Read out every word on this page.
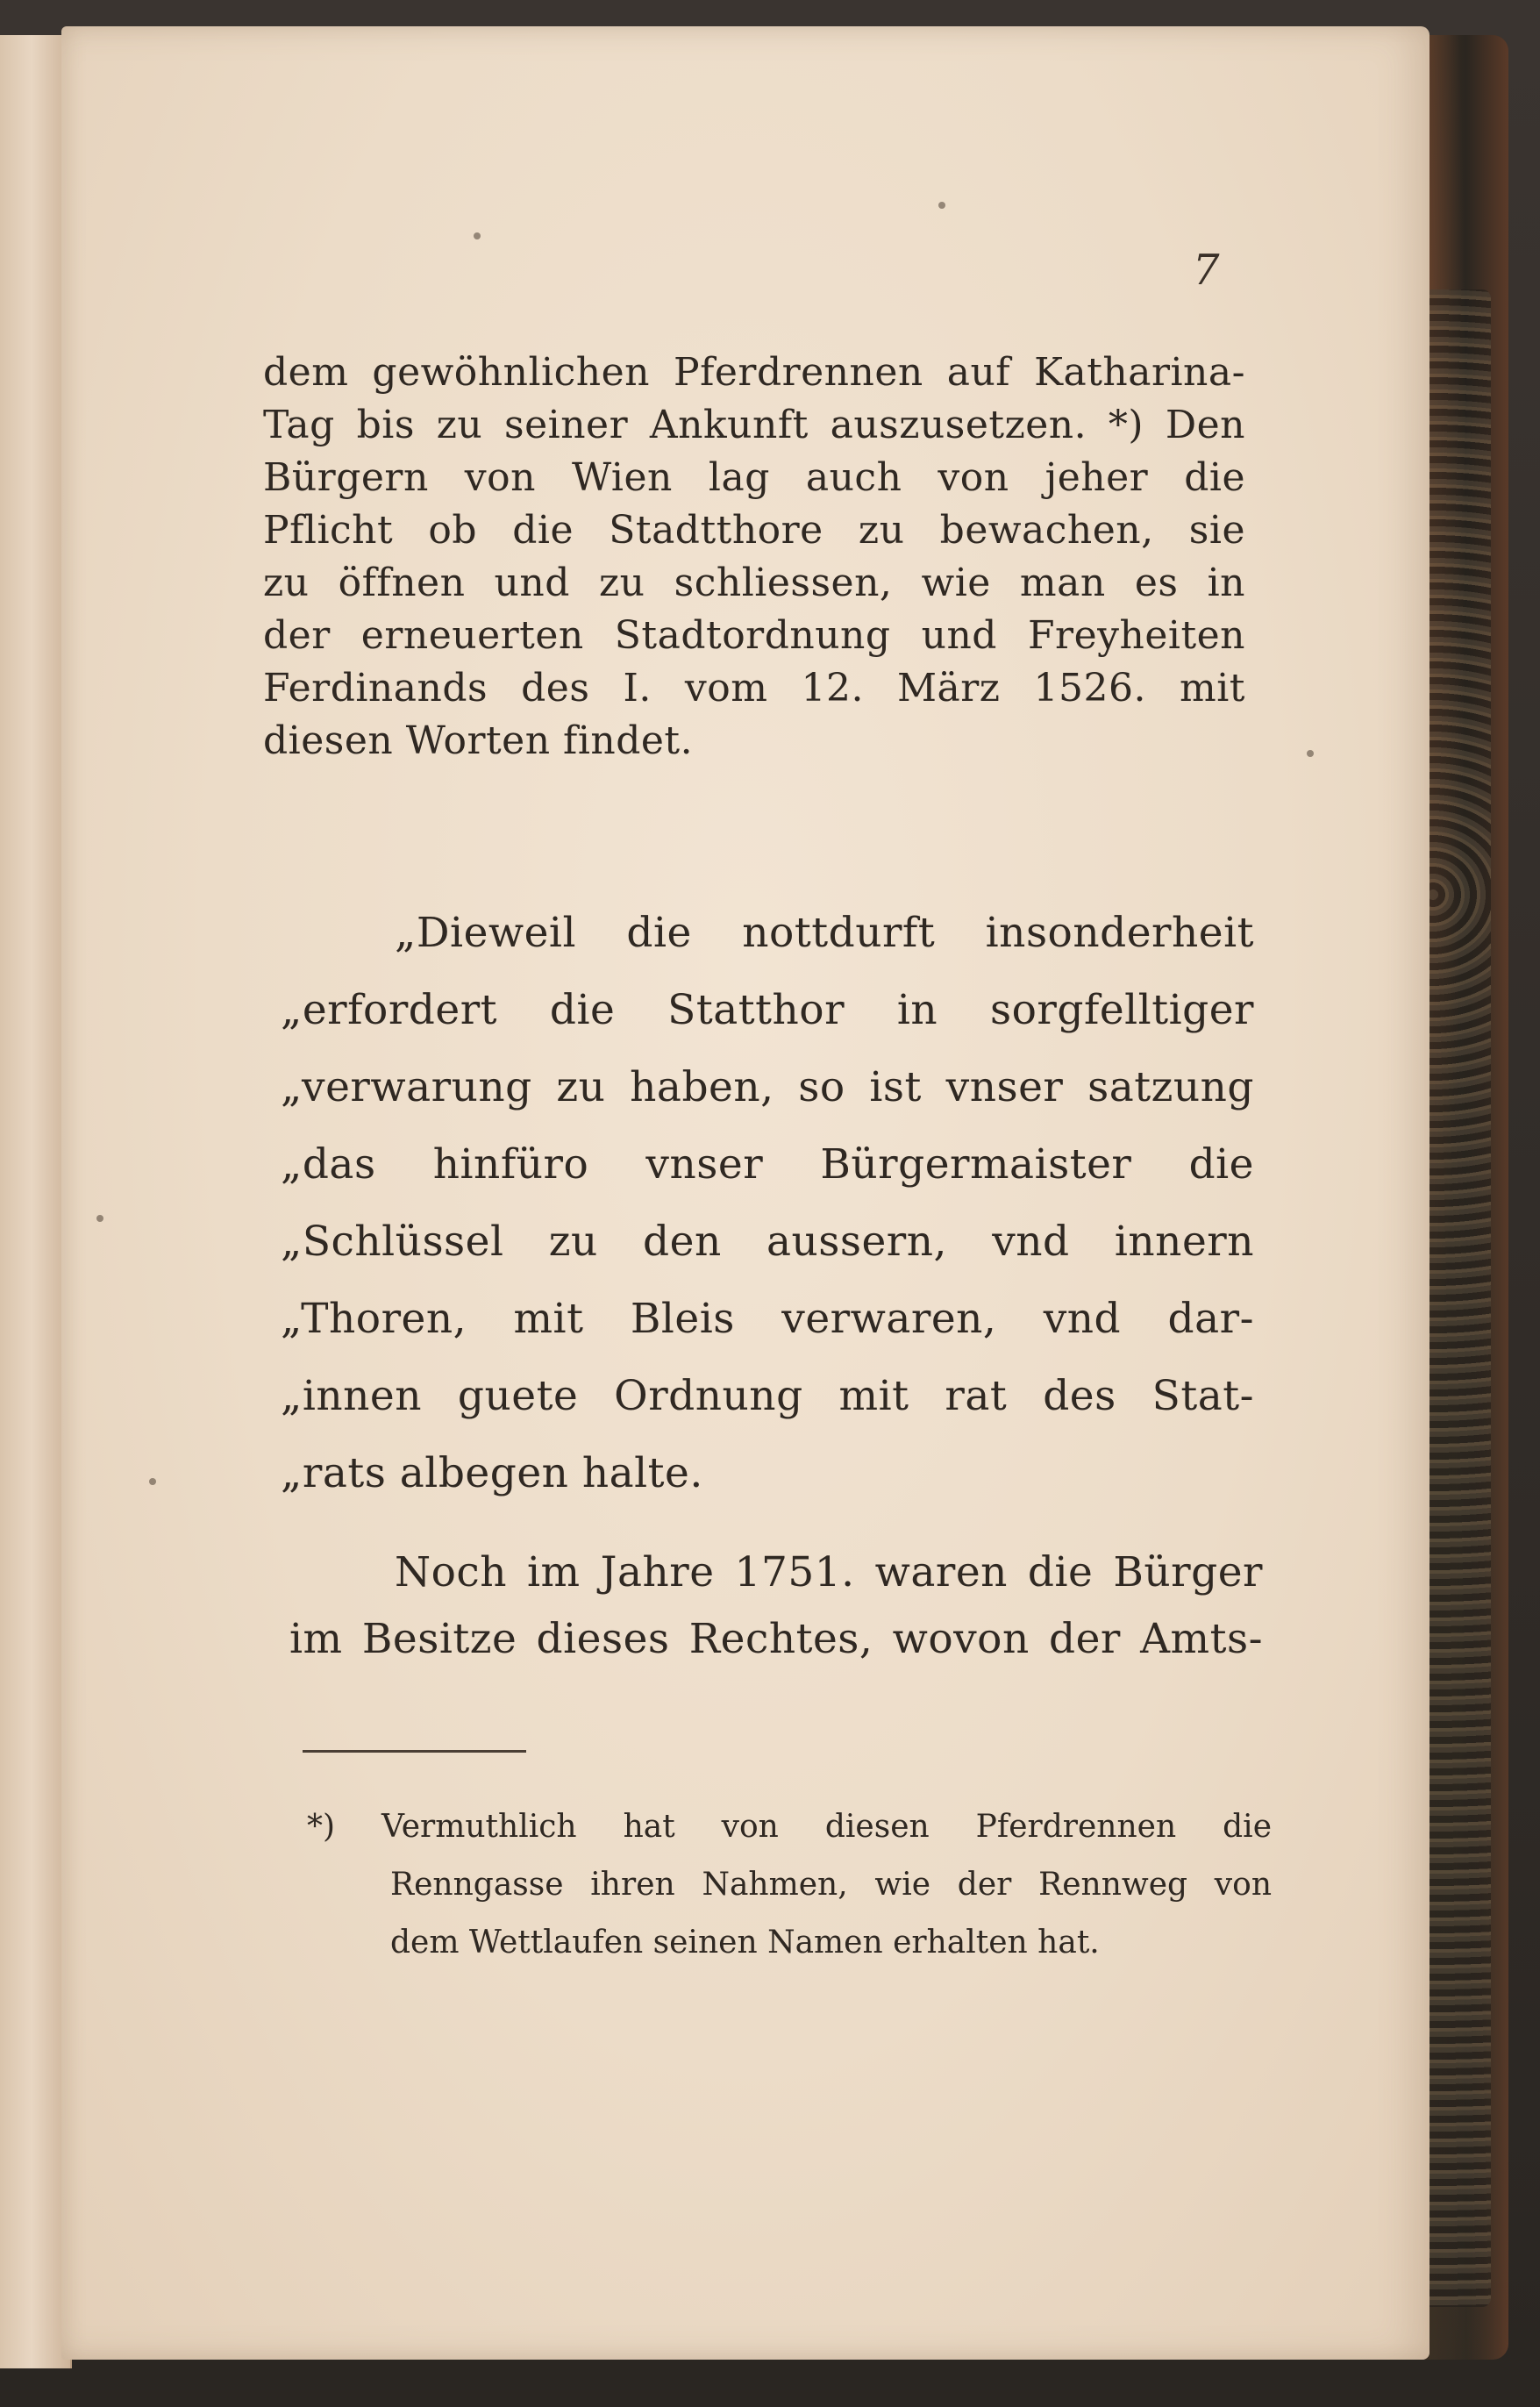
7
dem gewöhnlichen Pferdrennen auf Katharina-
Tag bis zu seiner Ankunft auszusetzen. *) Den
Bürgern von Wien lag auch von jeher die
Pflicht ob die Stadtthore zu bewachen, sie
zu öffnen und zu schliessen, wie man es in
der erneuerten Stadtordnung und Freyheiten
Ferdinands des I. vom 12. März 1526. mit
diesen Worten findet.
„Dieweil die nottdurft insonderheit
„erfordert die Statthor in sorgfelltiger
„verwarung zu haben, so ist vnser satzung
„das hinfüro vnser Bürgermaister die
„Schlüssel zu den aussern, vnd innern
„Thoren, mit Bleis verwaren, vnd dar-
„innen guete Ordnung mit rat des Stat-
„rats albegen halte.
Noch im Jahre 1751. waren die Bürger
im Besitze dieses Rechtes, wovon der Amts-
*) Vermuthlich hat von diesen Pferdrennen die
Renngasse ihren Nahmen, wie der Rennweg von
dem Wettlaufen seinen Namen erhalten hat.
